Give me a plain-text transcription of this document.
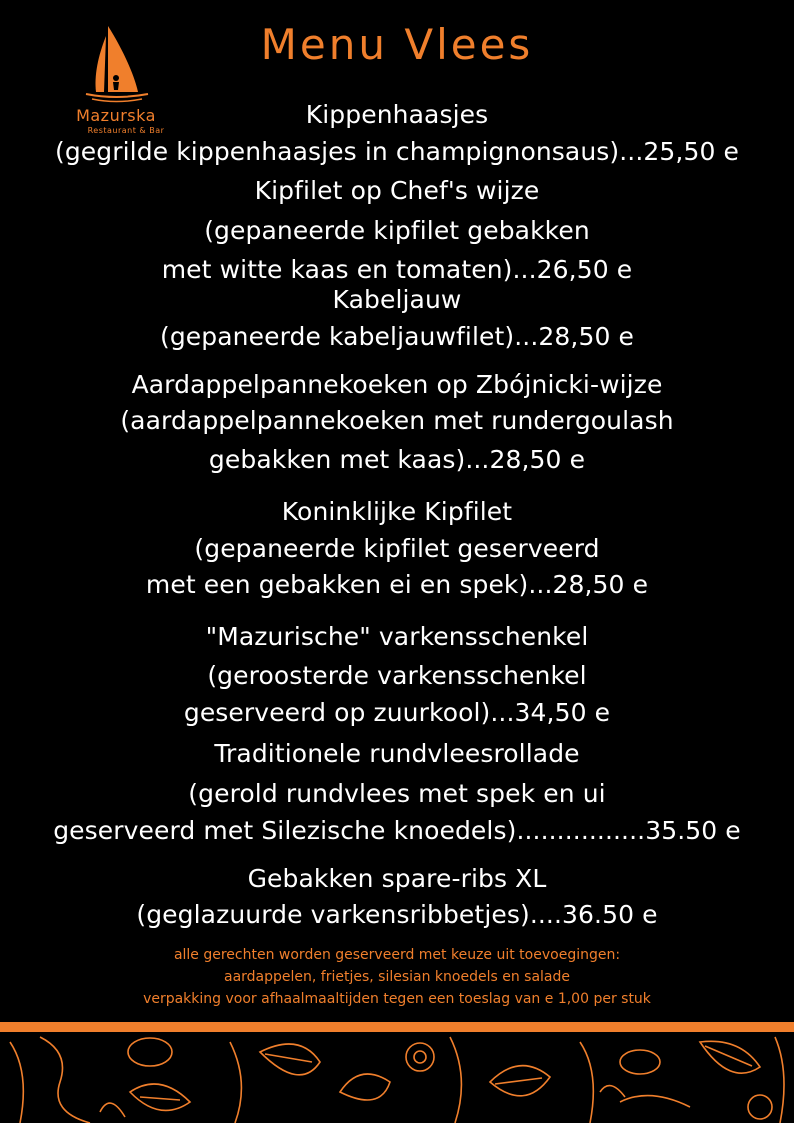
Mazurska
Restaurant & Bar
Menu Vlees
Kippenhaasjes
(gegrilde kippenhaasjes in champignonsaus)...25,50 e
Kipfilet op Chef's wijze
(gepaneerde kipfilet gebakken
met witte kaas en tomaten)...26,50 e
Kabeljauw
(gepaneerde kabeljauwfilet)...28,50 e
Aardappelpannekoeken op Zbójnicki-wijze
(aardappelpannekoeken met rundergoulash
gebakken met kaas)...28,50 e
Koninklijke Kipfilet
(gepaneerde kipfilet geserveerd
met een gebakken ei en spek)...28,50 e
"Mazurische" varkensschenkel
(geroosterde varkensschenkel
geserveerd op zuurkool)...34,50 e
Traditionele rundvleesrollade
(gerold rundvlees met spek en ui
geserveerd met Silezische knoedels)................35.50 e
Gebakken spare-ribs XL
(geglazuurde varkensribbetjes)....36.50 e
alle gerechten worden geserveerd met keuze uit toevoegingen:
aardappelen, frietjes, silesian knoedels en salade
verpakking voor afhaalmaaltijden tegen een toeslag van e 1,00 per stuk
